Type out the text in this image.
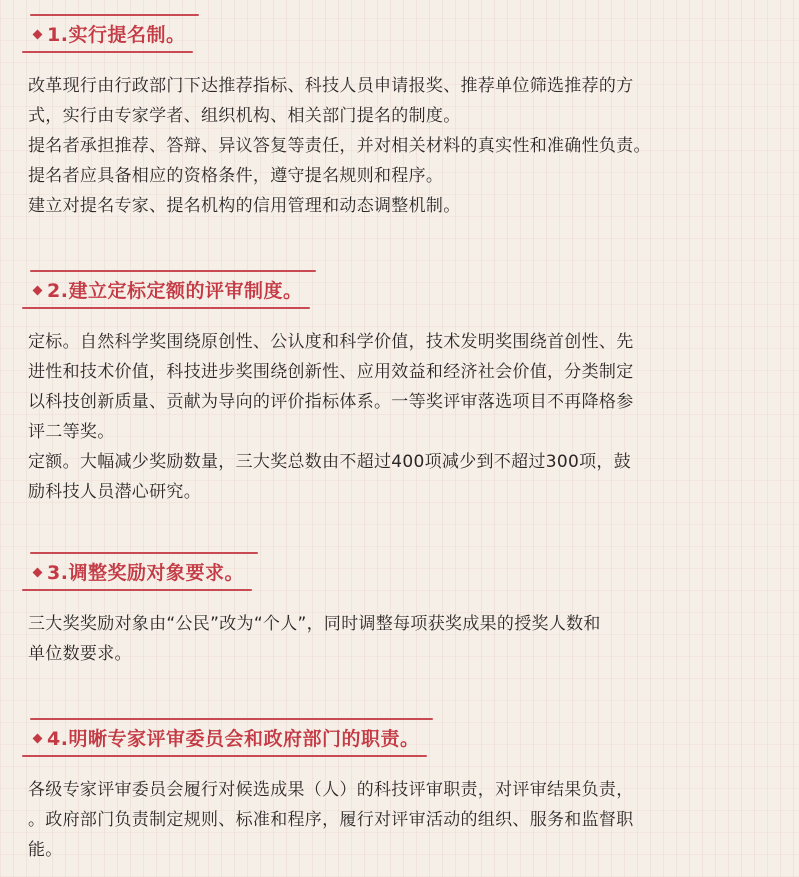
1.实行提名制。

改革现行由行政部门下达推荐指标、科技人员申请报奖、推荐单位筛选推荐的方

式，实行由专家学者、组织机构、相关部门提名的制度。

提名者承担推荐、答辩、异议答复等责任，并对相关材料的真实性和准确性负责。

提名者应具备相应的资格条件，遵守提名规则和程序。

建立对提名专家、提名机构的信用管理和动态调整机制。

2.建立定标定额的评审制度。

定标。自然科学奖围绕原创性、公认度和科学价值，技术发明奖围绕首创性、先

进性和技术价值，科技进步奖围绕创新性、应用效益和经济社会价值，分类制定

以科技创新质量、贡献为导向的评价指标体系。一等奖评审落选项目不再降格参

评二等奖。

定额。大幅减少奖励数量，三大奖总数由不超过400项减少到不超过300项，鼓

励科技人员潜心研究。

3.调整奖励对象要求。

三大奖奖励对象由“公民”改为“个人”，同时调整每项获奖成果的授奖人数和

单位数要求。

4.明晰专家评审委员会和政府部门的职责。

各级专家评审委员会履行对候选成果（人）的科技评审职责，对评审结果负责，

。政府部门负责制定规则、标准和程序，履行对评审活动的组织、服务和监督职

能。
